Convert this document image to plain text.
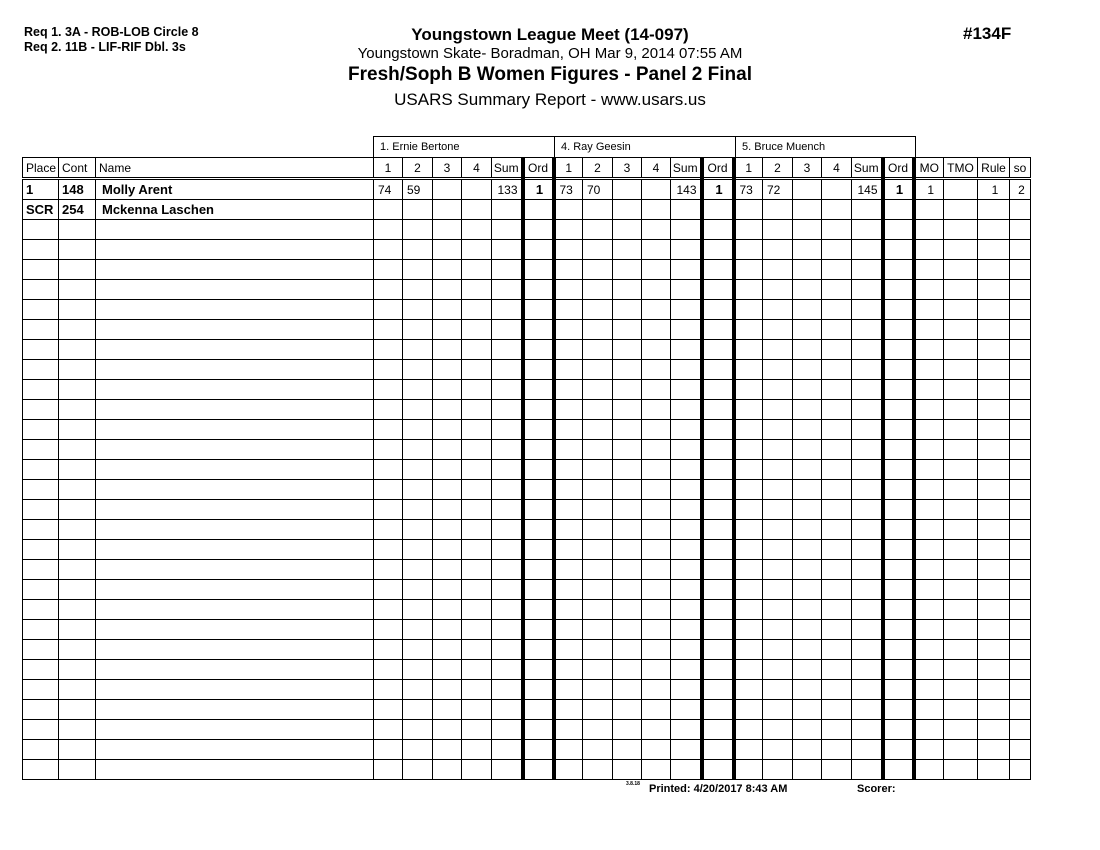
Req 1. 3A - ROB-LOB Circle 8
Req 2. 11B - LIF-RIF Dbl. 3s
Youngstown League Meet (14-097)
Youngstown Skate- Boradman, OH Mar 9, 2014 07:55 AM
Fresh/Soph B Women Figures - Panel 2 Final
USARS Summary Report - www.usars.us
#134F
1. Ernie Bertone	4. Ray Geesin	5. Bruce Muench
Place	Cont	Name	1	2	3	4	Sum	Ord	1	2	3	4	Sum	Ord	1	2	3	4	Sum	Ord	MO	TMO	Rule	so
1	148	Molly Arent	74	59			133	1	73	70			143	1	73	72			145	1	1		1	2
SCR	254	Mckenna Laschen																						

3.8.18 Printed: 4/20/2017 8:43 AM	Scorer:
